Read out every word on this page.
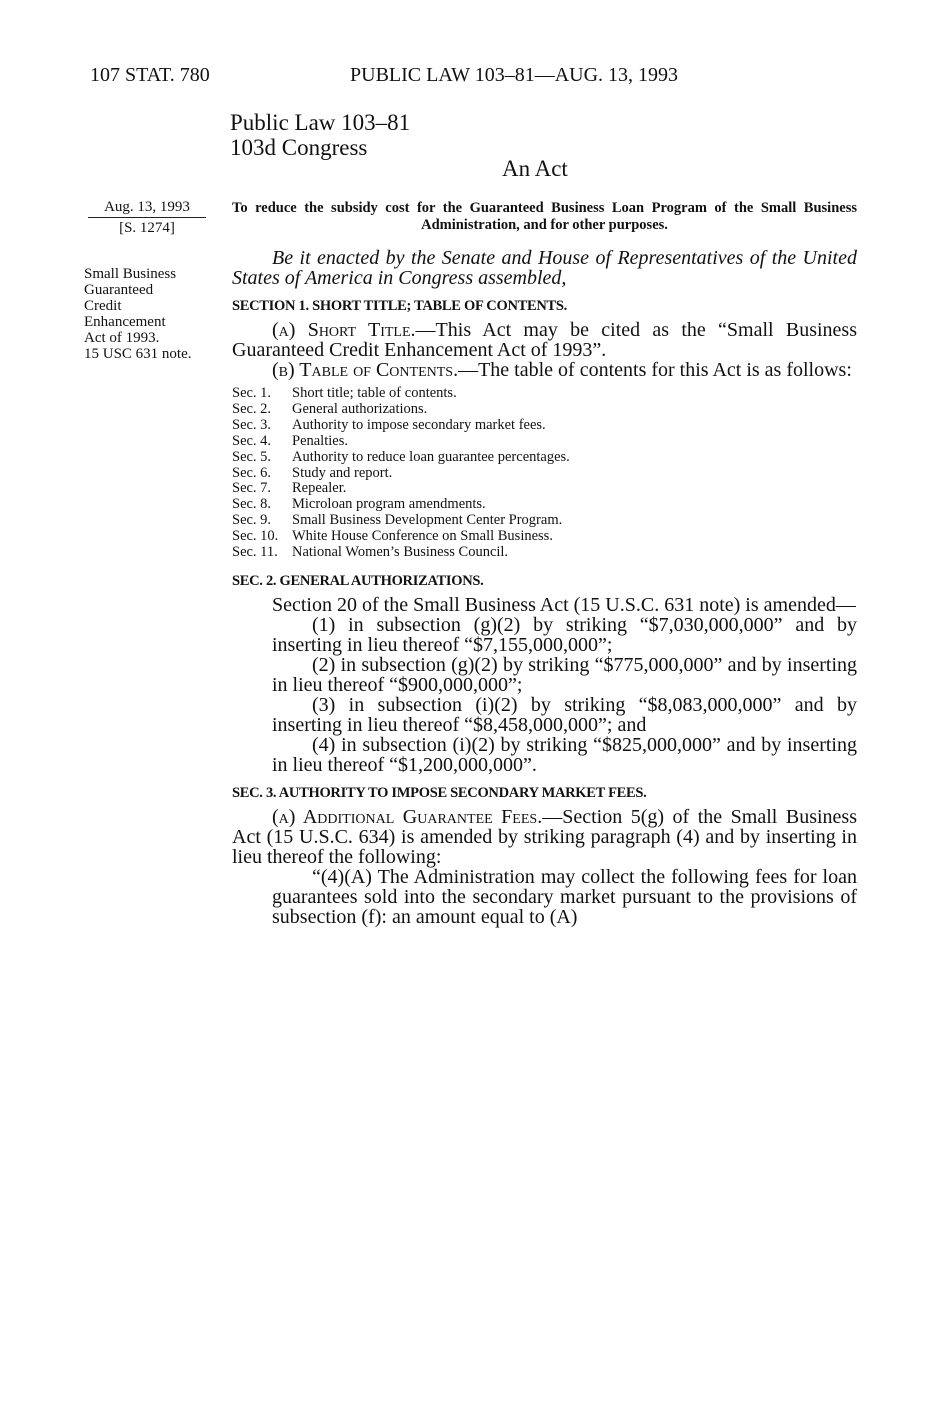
107 STAT. 780	PUBLIC LAW 103–81—AUG. 13, 1993
Public Law 103–81
103d Congress
An Act
Aug. 13, 1993
[S. 1274]
Small Business
Guaranteed
Credit
Enhancement
Act of 1993.
15 USC 631 note.
To reduce the subsidy cost for the Guaranteed Business Loan Program of the Small Business Administration, and for other purposes.

Be it enacted by the Senate and House of Representatives of the United States of America in Congress assembled,

SECTION 1. SHORT TITLE; TABLE OF CONTENTS.

(a) Short Title.—This Act may be cited as the “Small Business Guaranteed Credit Enhancement Act of 1993”.

(b) Table of Contents.—The table of contents for this Act is as follows:

Sec. 1. Short title; table of contents.
Sec. 2. General authorizations.
Sec. 3. Authority to impose secondary market fees.
Sec. 4. Penalties.
Sec. 5. Authority to reduce loan guarantee percentages.
Sec. 6. Study and report.
Sec. 7. Repealer.
Sec. 8. Microloan program amendments.
Sec. 9. Small Business Development Center Program.
Sec. 10. White House Conference on Small Business.
Sec. 11. National Women’s Business Council.

SEC. 2. GENERAL AUTHORIZATIONS.

Section 20 of the Small Business Act (15 U.S.C. 631 note) is amended—

(1) in subsection (g)(2) by striking “$7,030,000,000” and by inserting in lieu thereof “$7,155,000,000”;

(2) in subsection (g)(2) by striking “$775,000,000” and by inserting in lieu thereof “$900,000,000”;

(3) in subsection (i)(2) by striking “$8,083,000,000” and by inserting in lieu thereof “$8,458,000,000”; and

(4) in subsection (i)(2) by striking “$825,000,000” and by inserting in lieu thereof “$1,200,000,000”.

SEC. 3. AUTHORITY TO IMPOSE SECONDARY MARKET FEES.

(a) Additional Guarantee Fees.—Section 5(g) of the Small Business Act (15 U.S.C. 634) is amended by striking paragraph (4) and by inserting in lieu thereof the following:

“(4)(A) The Administration may collect the following fees for loan guarantees sold into the secondary market pursuant to the provisions of subsection (f): an amount equal to (A)
